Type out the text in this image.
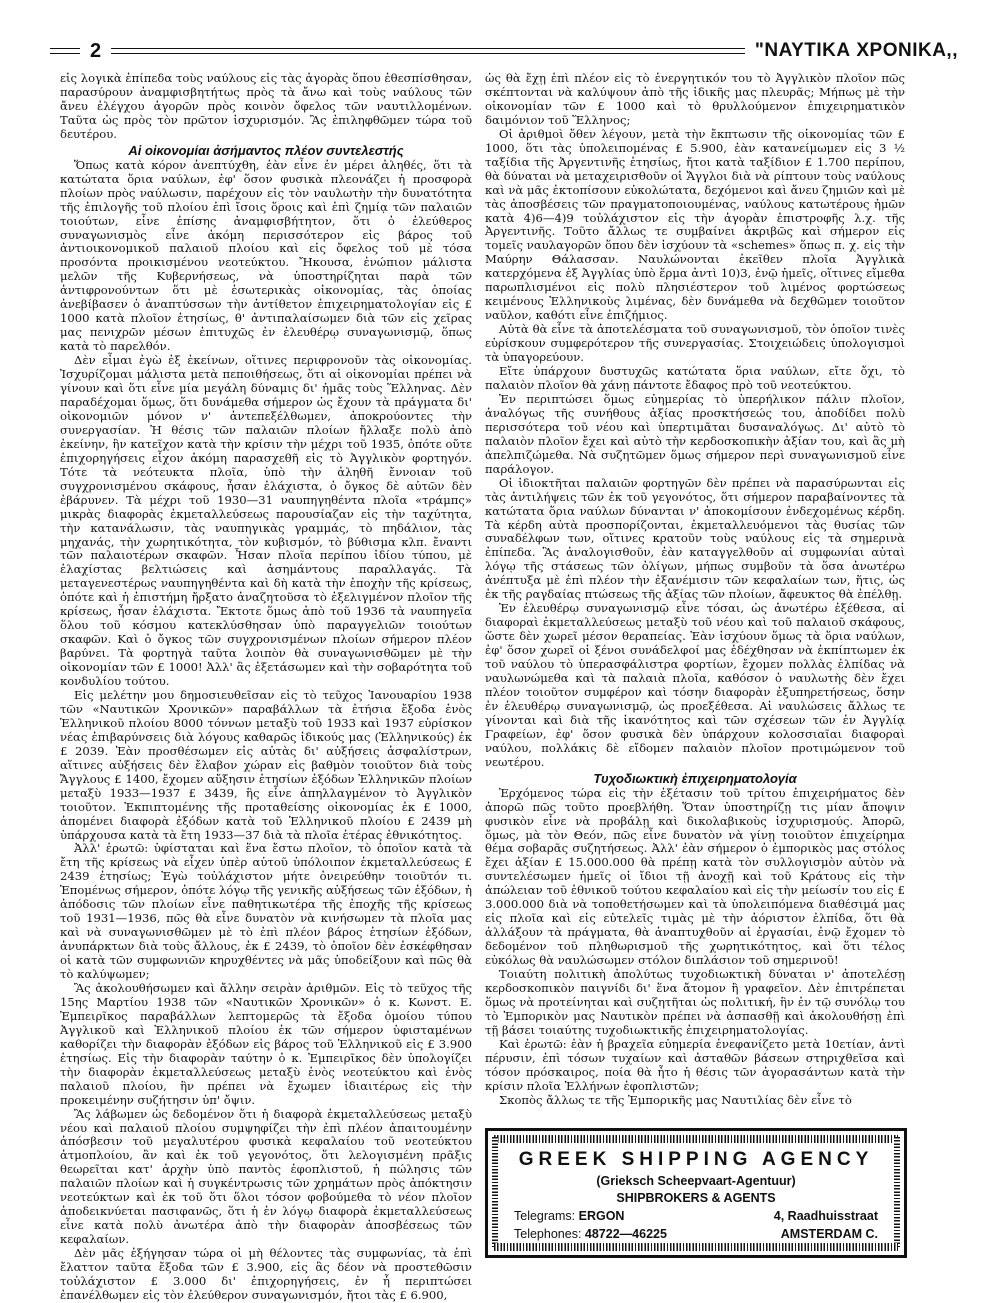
2	"ΝΑΥΤΙΚΑ ΧΡΟΝΙΚΑ,,

εἰς λογικὰ ἐπίπεδα τοὺς ναύλους εἰς τὰς ἀγορὰς ὅπου ἐθεσπίσθησαν, παρασύρουν ἀναμφισβητήτως πρὸς τὰ ἄνω καὶ τοὺς ναύλους τῶν ἄνευ ἐλέγχου ἀγορῶν πρὸς κοινὸν ὄφελος τῶν ναυτιλλομένων. Ταῦτα ὡς πρὸς τὸν πρῶτον ἰσχυρισμόν. Ἂς ἐπιληφθῶμεν τώρα τοῦ δευτέρου.

Αἱ οἰκονομίαι ἀσήμαντος πλέον συντελεστής

Ὅπως κατὰ κόρον ἀνεπτύχθη, ἐὰν εἶνε ἐν μέρει ἀληθές, ὅτι τὰ κατώτατα ὅρια ναύλων, ἐφ' ὅσον φυσικὰ πλεονάζει ἡ προσφορὰ πλοίων πρὸς ναύλωσιν, παρέχουν εἰς τὸν ναυλωτὴν τὴν δυνατότητα τῆς ἐπιλογῆς τοῦ πλοίου ἐπὶ ἴσοις ὅροις καὶ ἐπὶ ζημίᾳ τῶν παλαιῶν τοιούτων, εἶνε ἐπίσης ἀναμφισβήτητον, ὅτι ὁ ἐλεύθερος συναγωνισμὸς εἶνε ἀκόμη περισσότερον εἰς βάρος τοῦ ἀντιοικονομικοῦ παλαιοῦ πλοίου καὶ εἰς ὄφελος τοῦ μὲ τόσα προσόντα προικισμένου νεοτεύκτου. Ἤκουσα, ἐνώπιον μάλιστα μελῶν τῆς Κυβερνήσεως, νὰ ὑποστηρίζηται παρὰ τῶν ἀντιφρονούντων ὅτι μὲ ἐσωτερικὰς οἰκονομίας, τὰς ὁποίας ἀνεβίβασεν ὁ ἀναπτύσσων τὴν ἀντίθετον ἐπιχειρηματολογίαν εἰς £ 1000 κατὰ πλοῖον ἐτησίως, θ' ἀντιπαλαίσωμεν διὰ τῶν εἰς χεῖρας μας πενιχρῶν μέσων ἐπιτυχῶς ἐν ἐλευθέρῳ συναγωνισμῷ, ὅπως κατὰ τὸ παρελθόν.

Δὲν εἶμαι ἐγὼ ἐξ ἐκείνων, οἵτινες περιφρονοῦν τὰς οἰκονομίας. Ἰσχυρίζομαι μάλιστα μετὰ πεποιθήσεως, ὅτι αἱ οἰκονομίαι πρέπει νὰ γίνουν καὶ ὅτι εἶνε μία μεγάλη δύναμις δι' ἡμᾶς τοὺς Ἕλληνας. Δὲν παραδέχομαι ὅμως, ὅτι δυνάμεθα σήμερον ὡς ἔχουν τὰ πράγματα δι' οἰκονομιῶν μόνον ν' ἀντεπεξέλθωμεν, ἀποκρούοντες τὴν συνεργασίαν. Ἡ θέσις τῶν παλαιῶν πλοίων ἤλλαξε πολὺ ἀπὸ ἐκείνην, ἣν κατεῖχον κατὰ τὴν κρίσιν τὴν μέχρι τοῦ 1935, ὁπότε οὔτε ἐπιχορηγήσεις εἶχον ἀκόμη παρασχεθῆ εἰς τὸ Ἀγγλικὸν φορτηγόν. Τότε τὰ νεότευκτα πλοῖα, ὑπὸ τὴν ἀληθῆ ἔννοιαν τοῦ συγχρονισμένου σκάφους, ἦσαν ἐλάχιστα, ὁ ὄγκος δὲ αὐτῶν δὲν ἐβάρυνεν. Τὰ μέχρι τοῦ 1930—31 ναυπηγηθέντα πλοῖα «τράμπς» μικρὰς διαφορὰς ἐκμεταλλεύσεως παρουσίαζαν εἰς τὴν ταχύτητα, τὴν κατανάλωσιν, τὰς ναυπηγικὰς γραμμάς, τὸ πηδάλιον, τὰς μηχανάς, τὴν χωρητικότητα, τὸν κυβισμόν, τὸ βύθισμα κλπ. ἔναντι τῶν παλαιοτέρων σκαφῶν. Ἦσαν πλοῖα περίπου ἰδίου τύπου, μὲ ἐλαχίστας βελτιώσεις καὶ ἀσημάντους παραλλαγάς. Τὰ μεταγενεστέρως ναυπηγηθέντα καὶ δὴ κατὰ τὴν ἐποχὴν τῆς κρίσεως, ὁπότε καὶ ἡ ἐπιστήμη ἤρξατο ἀναζητοῦσα τὸ ἐξελιγμένον πλοῖον τῆς κρίσεως, ἦσαν ἐλάχιστα. Ἔκτοτε ὅμως ἀπὸ τοῦ 1936 τὰ ναυπηγεῖα ὅλου τοῦ κόσμου κατεκλύσθησαν ὑπὸ παραγγελιῶν τοιούτων σκαφῶν. Καὶ ὁ ὄγκος τῶν συγχρονισμένων πλοίων σήμερον πλέον βαρύνει. Τὰ φορτηγὰ ταῦτα λοιπὸν θὰ συναγωνισθῶμεν μὲ τὴν οἰκονομίαν τῶν £ 1000! Ἀλλ' ἂς ἐξετάσωμεν καὶ τὴν σοβαρότητα τοῦ κονδυλίου τούτου.

Εἰς μελέτην μου δημοσιευθεῖσαν εἰς τὸ τεῦχος Ἰανουαρίου 1938 τῶν «Ναυτικῶν Χρονικῶν» παραβάλλων τὰ ἐτήσια ἔξοδα ἑνὸς Ἑλληνικοῦ πλοίου 8000 τόννων μεταξὺ τοῦ 1933 καὶ 1937 εὑρίσκον νέας ἐπιβαρύνσεις διὰ λόγους καθαρῶς ἰδικούς μας (Ἑλληνικούς) ἐκ £ 2039. Ἐὰν προσθέσωμεν εἰς αὐτὰς δι' αὐξήσεις ἀσφαλίστρων, αἵτινες αὐξήσεις δὲν ἔλαβον χώραν εἰς βαθμὸν τοιοῦτον διὰ τοὺς Ἄγγλους £ 1400, ἔχομεν αὔξησιν ἐτησίων ἐξόδων Ἑλληνικῶν πλοίων μεταξὺ 1933—1937 £ 3439, ἣς εἶνε ἀπηλλαγμένον τὸ Ἀγγλικὸν τοιοῦτον. Ἐκπιπτομένης τῆς προταθείσης οἰκονομίας ἐκ £ 1000, ἀπομένει διαφορὰ ἐξόδων κατὰ τοῦ Ἑλληνικοῦ πλοίου £ 2439 μὴ ὑπάρχουσα κατὰ τὰ ἔτη 1933—37 διὰ τὰ πλοῖα ἑτέρας ἐθνικότητος.

Ἀλλ' ἐρωτῶ: ὑφίσταται καὶ ἕνα ἔστω πλοῖον, τὸ ὁποῖον κατὰ τὰ ἔτη τῆς κρίσεως νὰ εἶχεν ὑπὲρ αὐτοῦ ὑπόλοιπον ἐκμεταλλεύσεως £ 2439 ἐτησίως; Ἐγὼ τοὐλάχιστον μήτε ὀνειρεύθην τοιοῦτόν τι. Ἑπομένως σήμερον, ὁπότε λόγῳ τῆς γενικῆς αὐξήσεως τῶν ἐξόδων, ἡ ἀπόδοσις τῶν πλοίων εἶνε παθητικωτέρα τῆς ἐποχῆς τῆς κρίσεως τοῦ 1931—1936, πῶς θὰ εἶνε δυνατὸν νὰ κινήσωμεν τὰ πλοῖα μας καὶ νὰ συναγωνισθῶμεν μὲ τὸ ἐπὶ πλέον βάρος ἐτησίων ἐξόδων, ἀνυπάρκτων διὰ τοὺς ἄλλους, ἐκ £ 2439, τὸ ὁποῖον δὲν ἐσκέφθησαν οἱ κατὰ τῶν συμφωνιῶν κηρυχθέντες νὰ μᾶς ὑποδείξουν καὶ πῶς θὰ τὸ καλύψωμεν;

Ἂς ἀκολουθήσωμεν καὶ ἄλλην σειρὰν ἀριθμῶν. Εἰς τὸ τεῦχος τῆς 15ης Μαρτίου 1938 τῶν «Ναυτικῶν Χρονικῶν» ὁ κ. Κωνστ. Ε. Ἐμπειρῖκος παραβάλλων λεπτομερῶς τὰ ἔξοδα ὁμοίου τύπου Ἀγγλικοῦ καὶ Ἑλληνικοῦ πλοίου ἐκ τῶν σήμερον ὑφισταμένων καθορίζει τὴν διαφορὰν ἐξόδων εἰς βάρος τοῦ Ἑλληνικοῦ εἰς £ 3.900 ἐτησίως. Εἰς τὴν διαφορὰν ταύτην ὁ κ. Ἐμπειρῖκος δὲν ὑπολογίζει τὴν διαφορὰν ἐκμεταλλεύσεως μεταξὺ ἑνὸς νεοτεύκτου καὶ ἑνὸς παλαιοῦ πλοίου, ἣν πρέπει νὰ ἔχωμεν ἰδιαιτέρως εἰς τὴν προκειμένην συζήτησιν ὑπ' ὄψιν.

Ἂς λάβωμεν ὡς δεδομένον ὅτι ἡ διαφορὰ ἐκμεταλλεύσεως μεταξὺ νέου καὶ παλαιοῦ πλοίου συμψηφίζει τὴν ἐπὶ πλέον ἀπαιτουμένην ἀπόσβεσιν τοῦ μεγαλυτέρου φυσικὰ κεφαλαίου τοῦ νεοτεύκτου ἀτμοπλοίου, ἂν καὶ ἐκ τοῦ γεγονότος, ὅτι λελογισμένη πρᾶξις θεωρεῖται κατ' ἀρχὴν ὑπὸ παντὸς ἐφοπλιστοῦ, ἡ πώλησις τῶν παλαιῶν πλοίων καὶ ἡ συγκέντρωσις τῶν χρημάτων πρὸς ἀπόκτησιν νεοτεύκτων καὶ ἐκ τοῦ ὅτι ὅλοι τόσον φοβούμεθα τὸ νέον πλοῖον ἀποδεικνύεται πασιφανῶς, ὅτι ἡ ἐν λόγῳ διαφορὰ ἐκμεταλλεύσεως εἶνε κατὰ πολὺ ἀνωτέρα ἀπὸ τὴν διαφορὰν ἀποσβέσεως τῶν κεφαλαίων.

Δὲν μᾶς ἐξήγησαν τώρα οἱ μὴ θέλοντες τὰς συμφωνίας, τὰ ἐπὶ ἔλαττον ταῦτα ἔξοδα τῶν £ 3.900, εἰς ἃς δέον νὰ προστεθῶσιν τοὐλάχιστον £ 3.000 δι' ἐπιχορηγήσεις, ἐν ἧ περιπτώσει ἐπανέλθωμεν εἰς τὸν ἐλεύθερον συναγωνισμόν, ἤτοι τὰς £ 6.900,

ὡς θὰ ἔχῃ ἐπὶ πλέον εἰς τὸ ἐνεργητικόν του τὸ Ἀγγλικὸν πλοῖον πῶς σκέπτονται νὰ καλύψουν ἀπὸ τῆς ἰδικῆς μας πλευρᾶς; Μήπως μὲ τὴν οἰκονομίαν τῶν £ 1000 καὶ τὸ θρυλλούμενον ἐπιχειρηματικὸν δαιμόνιον τοῦ Ἕλληνος;

Οἱ ἀριθμοὶ ὅθεν λέγουν, μετὰ τὴν ἔκπτωσιν τῆς οἰκονομίας τῶν £ 1000, ὅτι τὰς ὑπολειπομένας £ 5.900, ἐὰν κατανείμωμεν εἰς 3 ½ ταξίδια τῆς Ἀργεντινῆς ἐτησίως, ἤτοι κατὰ ταξίδιον £ 1.700 περίπου, θὰ δύναται νὰ μεταχειρισθοῦν οἱ Ἄγγλοι διὰ νὰ ρίπτουν τοὺς ναύλους καὶ νὰ μᾶς ἐκτοπίσουν εὐκολώτατα, δεχόμενοι καὶ ἄνευ ζημιῶν καὶ μὲ τὰς ἀποσβέσεις τῶν πραγματοποιουμένας, ναύλους κατωτέρους ἡμῶν κατὰ 4)6—4)9 τοὐλάχιστον εἰς τὴν ἀγορὰν ἐπιστροφῆς λ.χ. τῆς Ἀργεντινῆς. Τοῦτο ἄλλως τε συμβαίνει ἀκριβῶς καὶ σήμερον εἰς τομεῖς ναυλαγορῶν ὅπου δὲν ἰσχύουν τὰ «schemes» ὅπως π. χ. εἰς τὴν Μαύρην Θάλασσαν. Ναυλώνονται ἐκεῖθεν πλοῖα Ἀγγλικὰ κατερχόμενα ἐξ Ἀγγλίας ὑπὸ ἕρμα ἀντὶ 10)3, ἐνῷ ἡμεῖς, οἵτινες εἴμεθα παρωπλισμένοι εἰς πολὺ πλησιέστερον τοῦ λιμένος φορτώσεως κειμένους Ἑλληνικοὺς λιμένας, δὲν δυνάμεθα νὰ δεχθῶμεν τοιοῦτον ναῦλον, καθότι εἶνε ἐπιζήμιος.

Αὐτὰ θὰ εἶνε τὰ ἀποτελέσματα τοῦ συναγωνισμοῦ, τὸν ὁποῖον τινὲς εὑρίσκουν συμφερότερον τῆς συνεργασίας. Στοιχειώδεις ὑπολογισμοὶ τὰ ὑπαγορεύουν.

Εἴτε ὑπάρχουν δυστυχῶς κατώτατα ὅρια ναύλων, εἴτε ὄχι, τὸ παλαιὸν πλοῖον θὰ χάνῃ πάντοτε ἔδαφος πρὸ τοῦ νεοτεύκτου.

Ἐν περιπτώσει ὅμως εὐημερίας τὸ ὑπερήλικον πάλιν πλοῖον, ἀναλόγως τῆς συνήθους ἀξίας προσκτήσεώς του, ἀποδίδει πολὺ περισσότερα τοῦ νέου καὶ ὑπερτιμᾶται δυσαναλόγως. Δι' αὐτὸ τὸ παλαιὸν πλοῖον ἔχει καὶ αὐτὸ τὴν κερδοσκοπικὴν ἀξίαν του, καὶ ἂς μὴ ἀπελπιζώμεθα. Νὰ συζητῶμεν ὅμως σήμερον περὶ συναγωνισμοῦ εἶνε παράλογον.

Οἱ ἰδιοκτῆται παλαιῶν φορτηγῶν δὲν πρέπει νὰ παρασύρωνται εἰς τὰς ἀντιλήψεις τῶν ἐκ τοῦ γεγονότος, ὅτι σήμερον παραβαίνοντες τὰ κατώτατα ὅρια ναύλων δύνανται ν' ἀποκομίσουν ἐνδεχομένως κέρδη. Τὰ κέρδη αὐτὰ προσπορίζονται, ἐκμεταλλευόμενοι τὰς θυσίας τῶν συναδέλφων των, οἵτινες κρατοῦν τοὺς ναύλους εἰς τὰ σημερινὰ ἐπίπεδα. Ἂς ἀναλογισθοῦν, ἐὰν καταγγελθοῦν αἱ συμφωνίαι αὐταὶ λόγῳ τῆς στάσεως τῶν ὀλίγων, μήπως συμβοῦν τὰ ὅσα ἀνωτέρω ἀνέπτυξα μὲ ἐπὶ πλέον τὴν ἐξανέμισιν τῶν κεφαλαίων των, ἥτις, ὡς ἐκ τῆς ραγδαίας πτώσεως τῆς ἀξίας τῶν πλοίων, ἄφευκτος θὰ ἐπέλθῃ.

Ἐν ἐλευθέρῳ συναγωνισμῷ εἶνε τόσαι, ὡς ἀνωτέρω ἐξέθεσα, αἱ διαφοραὶ ἐκμεταλλεύσεως μεταξὺ τοῦ νέου καὶ τοῦ παλαιοῦ σκάφους, ὥστε δὲν χωρεῖ μέσον θεραπείας. Ἐὰν ἰσχύουν ὅμως τὰ ὅρια ναύλων, ἐφ' ὅσον χωρεῖ οἱ ξένοι συνάδελφοί μας ἐδέχθησαν νὰ ἐκπίπτωμεν ἐκ τοῦ ναύλου τὸ ὑπερασφάλιστρα φορτίων, ἔχομεν πολλὰς ἐλπίδας νὰ ναυλωνώμεθα καὶ τὰ παλαιὰ πλοῖα, καθόσον ὁ ναυλωτὴς δὲν ἔχει πλέον τοιοῦτον συμφέρον καὶ τόσην διαφορὰν ἐξυπηρετήσεως, ὅσην ἐν ἐλευθέρῳ συναγωνισμῷ, ὡς προεξέθεσα. Αἱ ναυλώσεις ἄλλως τε γίνονται καὶ διὰ τῆς ἱκανότητος καὶ τῶν σχέσεων τῶν ἐν Ἀγγλίᾳ Γραφείων, ἐφ' ὅσον φυσικὰ δὲν ὑπάρχουν κολοσσιαῖαι διαφοραὶ ναύλου, πολλάκις δὲ εἴδομεν παλαιὸν πλοῖον προτιμώμενον τοῦ νεωτέρου.

Τυχοδιωκτικὴ ἐπιχειρηματολογία

Ἐρχόμενος τώρα εἰς τὴν ἐξέτασιν τοῦ τρίτου ἐπιχειρήματος δὲν ἀπορῶ πῶς τοῦτο προεβλήθη. Ὅταν ὑποστηρίζῃ τις μίαν ἄποψιν φυσικὸν εἶνε νὰ προβάλῃ καὶ δικολαβικοὺς ἰσχυρισμούς. Ἀπορῶ, ὅμως, μὰ τὸν Θεόν, πῶς εἶνε δυνατὸν νὰ γίνῃ τοιοῦτον ἐπιχείρημα θέμα σοβαρᾶς συζητήσεως. Ἀλλ' ἐὰν σήμερον ὁ ἐμπορικὸς μας στόλος ἔχει ἀξίαν £ 15.000.000 θὰ πρέπῃ κατὰ τὸν συλλογισμὸν αὐτὸν νὰ συντελέσωμεν ἡμεῖς οἱ ἴδιοι τῇ ἀνοχῇ καὶ τοῦ Κράτους εἰς τὴν ἀπώλειαν τοῦ ἐθνικοῦ τούτου κεφαλαίου καὶ εἰς τὴν μείωσίν του εἰς £ 3.000.000 διὰ νὰ τοποθετήσωμεν καὶ τὰ ὑπολειπόμενα διαθέσιμά μας εἰς πλοῖα καὶ εἰς εὐτελεῖς τιμὰς μὲ τὴν ἀόριστον ἐλπίδα, ὅτι θὰ ἀλλάξουν τὰ πράγματα, θὰ ἀναπτυχθοῦν αἱ ἐργασίαι, ἐνῷ ἔχομεν τὸ δεδομένον τοῦ πληθωρισμοῦ τῆς χωρητικότητος, καὶ ὅτι τέλος εὐκόλως θὰ ναυλώσωμεν στόλον διπλάσιον τοῦ σημερινοῦ!

Τοιαύτη πολιτικὴ ἀπολύτως τυχοδιωκτικὴ δύναται ν' ἀποτελέσῃ κερδοσκοπικὸν παιγνίδι δι' ἕνα ἄτομον ἢ γραφεῖον. Δὲν ἐπιτρέπεται ὅμως νὰ προτείνηται καὶ συζητῆται ὡς πολιτική, ἣν ἐν τῷ συνόλῳ του τὸ Ἐμπορικὸν μας Ναυτικὸν πρέπει νὰ ἀσπασθῇ καὶ ἀκολουθήσῃ ἐπὶ τῇ βάσει τοιαύτης τυχοδιωκτικῆς ἐπιχειρηματολογίας.

Καὶ ἐρωτῶ: ἐὰν ἡ βραχεῖα εὐημερία ἐνεφανίζετο μετὰ 10ετίαν, ἀντὶ πέρυσιν, ἐπὶ τόσων τυχαίων καὶ ἀσταθῶν βάσεων στηριχθεῖσα καὶ τόσον πρόσκαιρος, ποία θὰ ἦτο ἡ θέσις τῶν ἀγορασάντων κατὰ τὴν κρίσιν πλοῖα Ἑλλήνων ἐφοπλιστῶν;

Σκοπὸς ἄλλως τε τῆς Ἐμπορικῆς μας Ναυτιλίας δὲν εἶνε τὸ

GREEK SHIPPING AGENCY
(Grieksch Scheepvaart-Agentuur)
SHIPBROKERS & AGENTS
Telegrams: ERGON	4, Raadhuisstraat
Telephones: 48722—46225	AMSTERDAM C.
